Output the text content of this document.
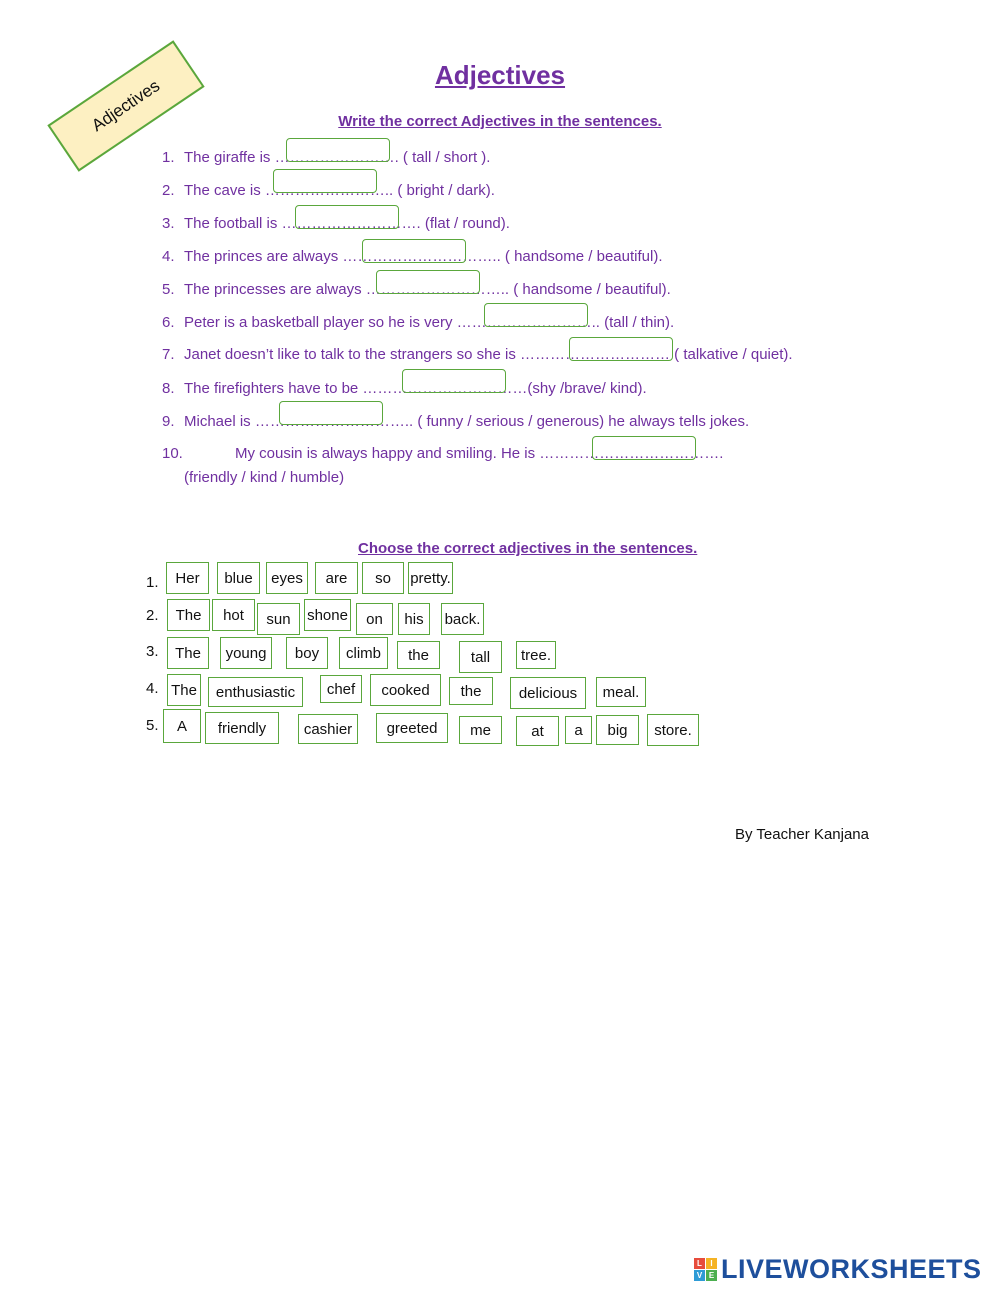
Adjectives
Adjectives
Write the correct Adjectives in the sentences.
1. The giraffe is ……………………. ( tall / short ).
2. The cave is …………………….. ( bright / dark).
3. The football is ………………………. (flat / round).
4. The princes are always ………………………….. ( handsome / beautiful).
5. The princesses are always ……………………….. ( handsome / beautiful).
6. Peter is a basketball player so he is very ……………………….. (tall / thin).
7. Janet doesn’t like to talk to the strangers so she is ………………………… ( talkative / quiet).
8. The firefighters have to be ……………………………(shy /brave/ kind).
9. Michael is ………………………….. ( funny / serious / generous) he always tells jokes.
10.	My cousin is always happy and smiling. He is ……………………………….
(friendly / kind / humble)
Choose the correct adjectives in the sentences.
1.	Her	blue	eyes	are	so	pretty.
2.	The	hot	sun	shone	on	his	back.
3.	The	young	boy	climb	the	tall	tree.
4. The	enthusiastic	chef	cooked	the	delicious	meal.
5.	A	friendly	cashier	greeted	me	at	a	big	store.
By Teacher Kanjana
L	I
V E LIVEWORKSHEETS
